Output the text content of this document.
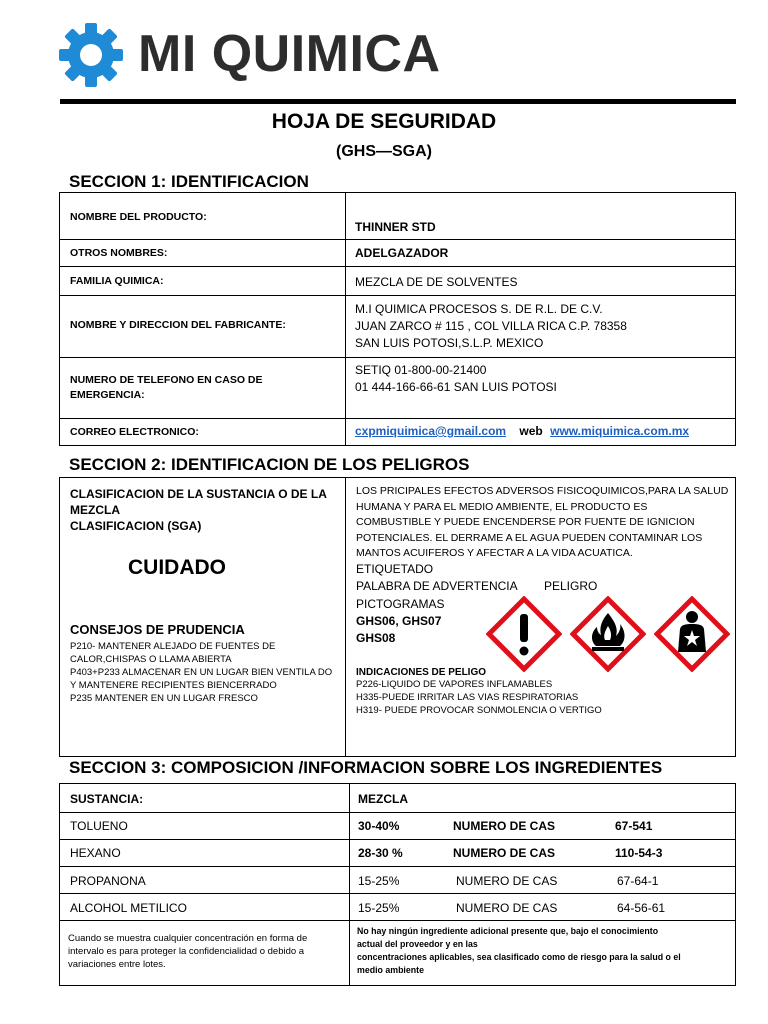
MI QUIMICA
HOJA DE SEGURIDAD
(GHS—SGA)
SECCION 1: IDENTIFICACION
NOMBRE DEL PRODUCTO:
THINNER STD
OTROS NOMBRES:	ADELGAZADOR
FAMILIA QUIMICA:	MEZCLA DE DE SOLVENTES
NOMBRE Y DIRECCION DEL FABRICANTE:
M.I QUIMICA PROCESOS S. DE R.L. DE C.V.
JUAN ZARCO # 115 , COL VILLA RICA C.P. 78358
SAN LUIS POTOSI,S.L.P. MEXICO
NUMERO DE TELEFONO EN CASO DE EMERGENCIA:
SETIQ 01-800-00-21400
01 444-166-66-61 SAN LUIS POTOSI
CORREO ELECTRONICO:	cxpmiquimica@gmail.com web www.miquimica.com.mx
SECCION 2: IDENTIFICACION DE LOS PELIGROS
CLASIFICACION DE LA SUSTANCIA O DE LA MEZCLA
CLASIFICACION (SGA)
CUIDADO
CONSEJOS DE PRUDENCIA
P210- MANTENER ALEJADO DE FUENTES DE
CALOR,CHISPAS O LLAMA ABIERTA
P403+P233 ALMACENAR EN UN LUGAR BIEN VENTILA DO
Y MANTENERE RECIPIENTES BIENCERRADO
P235 MANTENER EN UN LUGAR FRESCO
LOS PRICIPALES EFECTOS ADVERSOS FISICOQUIMICOS,PARA LA SALUD
HUMANA Y PARA EL MEDIO AMBIENTE, EL PRODUCTO ES
COMBUSTIBLE Y PUEDE ENCENDERSE POR FUENTE DE IGNICION
POTENCIALES. EL DERRAME A EL AGUA PUEDEN CONTAMINAR LOS
MANTOS ACUIFEROS Y AFECTAR A LA VIDA ACUATICA.
ETIQUETADO
PALABRA DE ADVERTENCIA PELIGRO
PICTOGRAMAS
GHS06, GHS07
GHS08
INDICACIONES DE PELIGO
P226-LIQUIDO DE VAPORES INFLAMABLES
H335-PUEDE IRRITAR LAS VIAS RESPIRATORIAS
H319- PUEDE PROVOCAR SONMOLENCIA O VERTIGO
SECCION 3: COMPOSICION /INFORMACION SOBRE LOS INGREDIENTES
SUSTANCIA:	MEZCLA
TOLUENO	30-40%	NUMERO DE CAS	67-541
HEXANO	28-30 %	NUMERO DE CAS	110-54-3
PROPANONA	15-25%	NUMERO DE CAS	67-64-1
ALCOHOL METILICO	15-25%	NUMERO DE CAS	64-56-61
Cuando se muestra cualquier concentración en forma de
intervalo es para proteger la confidencialidad o debido a
variaciones entre lotes.
No hay ningún ingrediente adicional presente que, bajo el conocimiento
actual del proveedor y en las
concentraciones aplicables, sea clasificado como de riesgo para la salud o el
medio ambiente
